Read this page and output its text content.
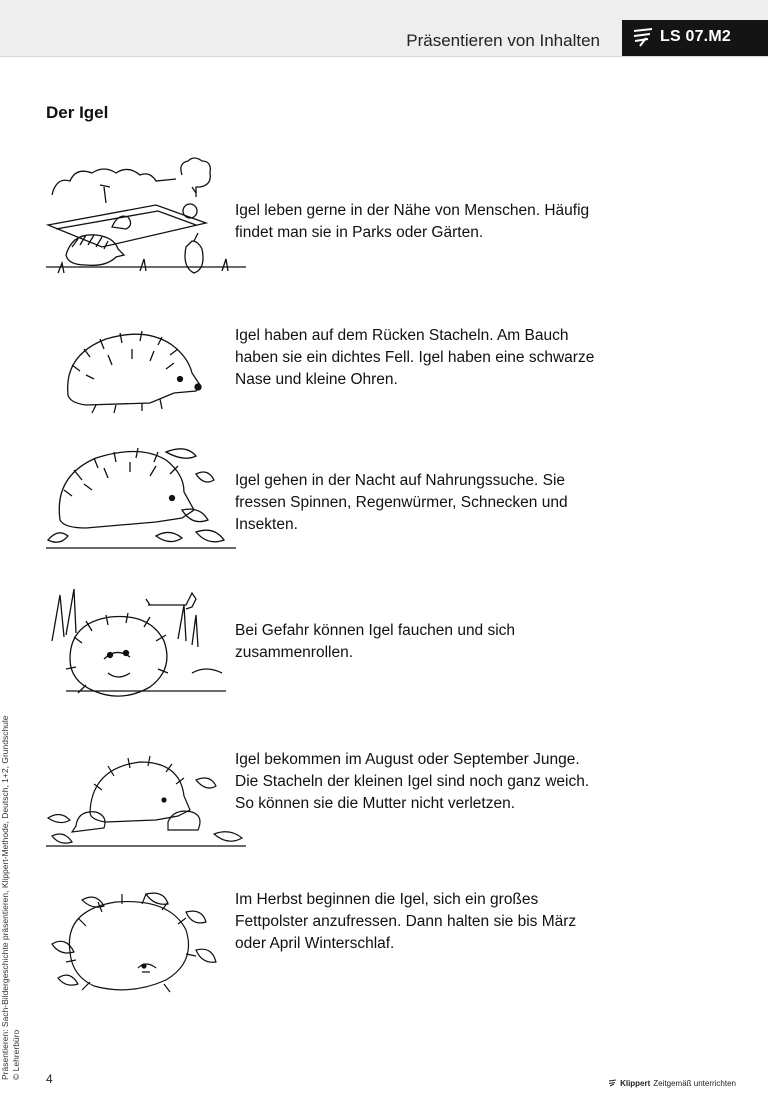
Präsentieren von Inhalten	LS 07.M2
Der Igel

Igel leben gerne in der Nähe von Menschen. Häufig findet man sie in Parks oder Gärten.

Igel haben auf dem Rücken Stacheln. Am Bauch haben sie ein dichtes Fell. Igel haben eine schwarze Nase und kleine Ohren.

Igel gehen in der Nacht auf Nahrungssuche. Sie fressen Spinnen, Regenwürmer, Schnecken und Insekten.

Bei Gefahr können Igel fauchen und sich zusammenrollen.

Igel bekommen im August oder September Junge. Die Stacheln der kleinen Igel sind noch ganz weich. So können sie die Mutter nicht verletzen.

Im Herbst beginnen die Igel, sich ein großes Fettpolster anzufressen. Dann halten sie bis März oder April Winterschlaf.

Präsentieren: Sach-Bildergeschichte präsentieren, Klippert-Methode, Deutsch, 1+2, Grundschule © Lehrerbüro 4	Klippert Zeitgemäß unterrichten
